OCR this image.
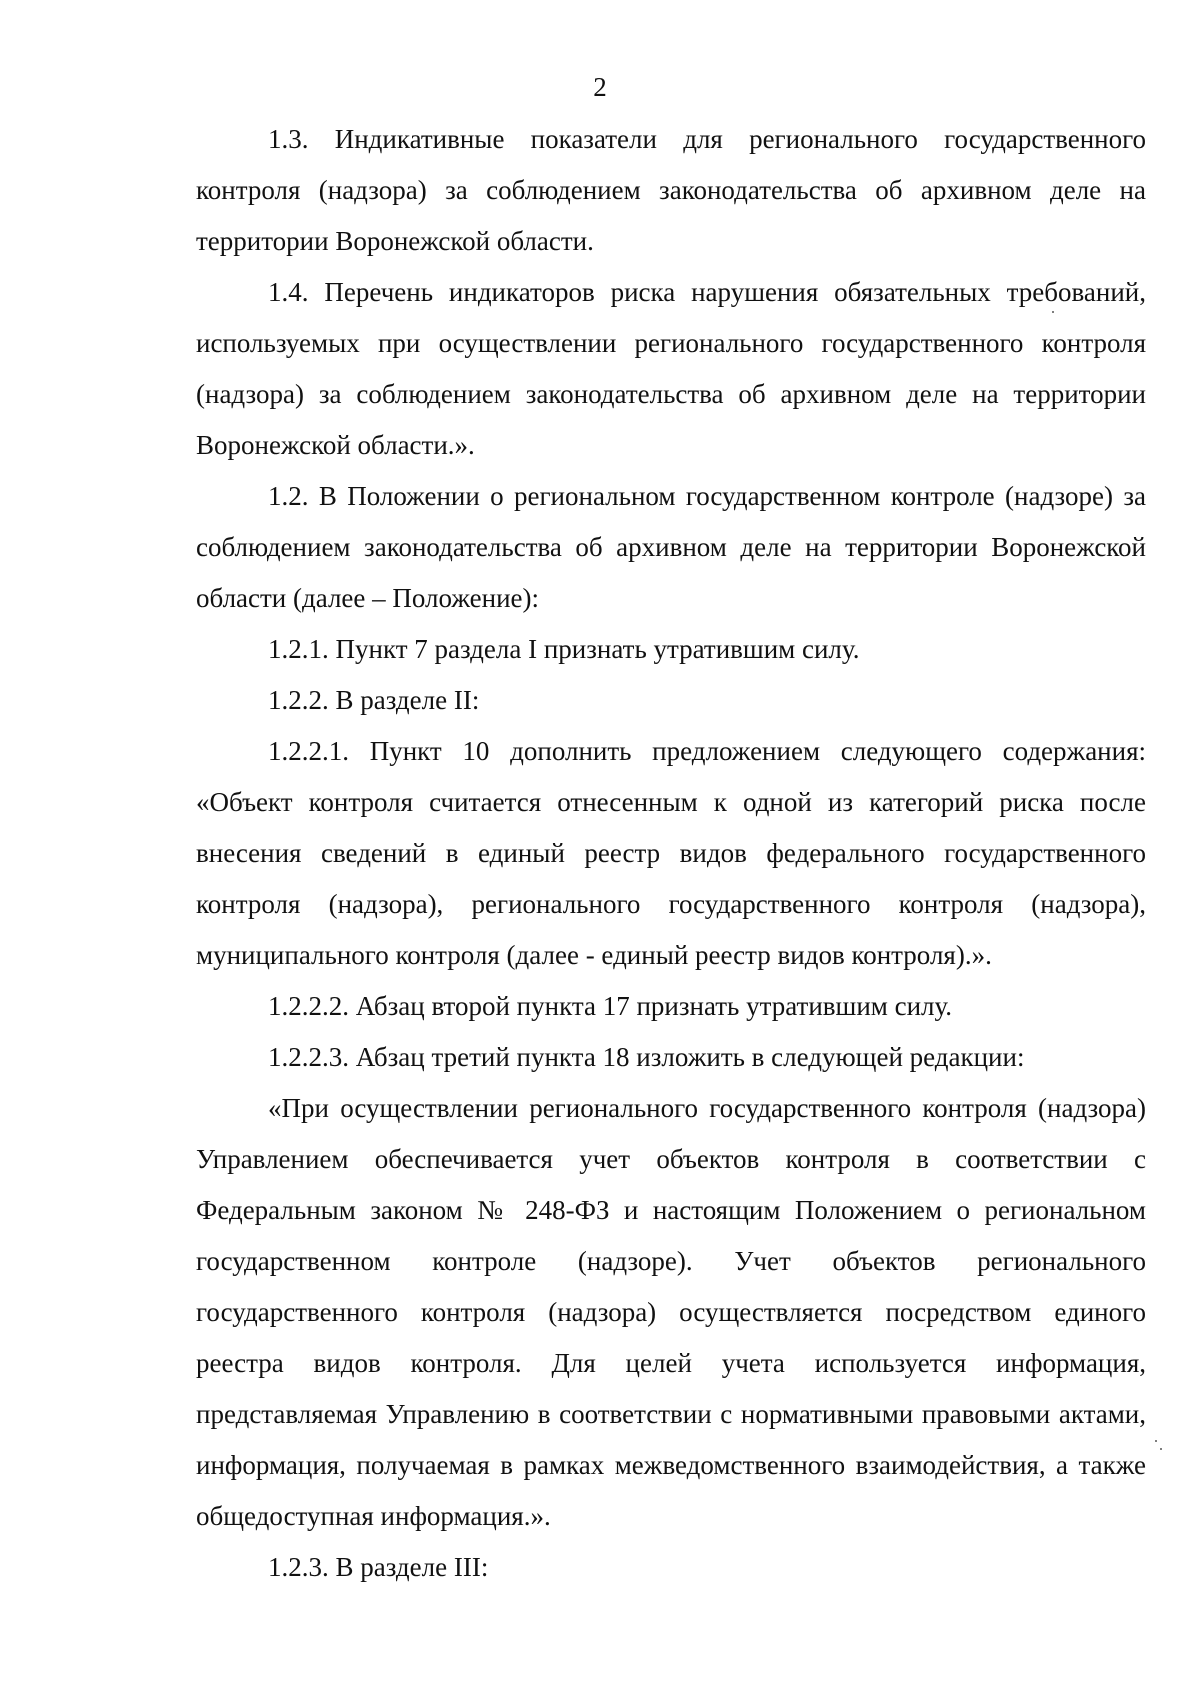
2

1.3. Индикативные показатели для регионального государственного контроля (надзора) за соблюдением законодательства об архивном деле на территории Воронежской области.

1.4. Перечень индикаторов риска нарушения обязательных требований, используемых при осуществлении регионального государственного контроля (надзора) за соблюдением законодательства об архивном деле на территории Воронежской области.».

1.2. В Положении о региональном государственном контроле (надзоре) за соблюдением законодательства об архивном деле на территории Воронежской области (далее – Положение):

1.2.1. Пункт 7 раздела I признать утратившим силу.

1.2.2. В разделе II:

1.2.2.1. Пункт 10 дополнить предложением следующего содержания: «Объект контроля считается отнесенным к одной из категорий риска после внесения сведений в единый реестр видов федерального государственного контроля (надзора), регионального государственного контроля (надзора), муниципального контроля (далее - единый реестр видов контроля).».

1.2.2.2. Абзац второй пункта 17 признать утратившим силу.

1.2.2.3. Абзац третий пункта 18 изложить в следующей редакции:

«При осуществлении регионального государственного контроля (надзора) Управлением обеспечивается учет объектов контроля в соответствии с Федеральным законом № 248-ФЗ и настоящим Положением о региональном государственном контроле (надзоре). Учет объектов регионального государственного контроля (надзора) осуществляется посредством единого реестра видов контроля. Для целей учета используется информация, представляемая Управлению в соответствии с нормативными правовыми актами, информация, получаемая в рамках межведомственного взаимодействия, а также общедоступная информация.».

1.2.3. В разделе III:
